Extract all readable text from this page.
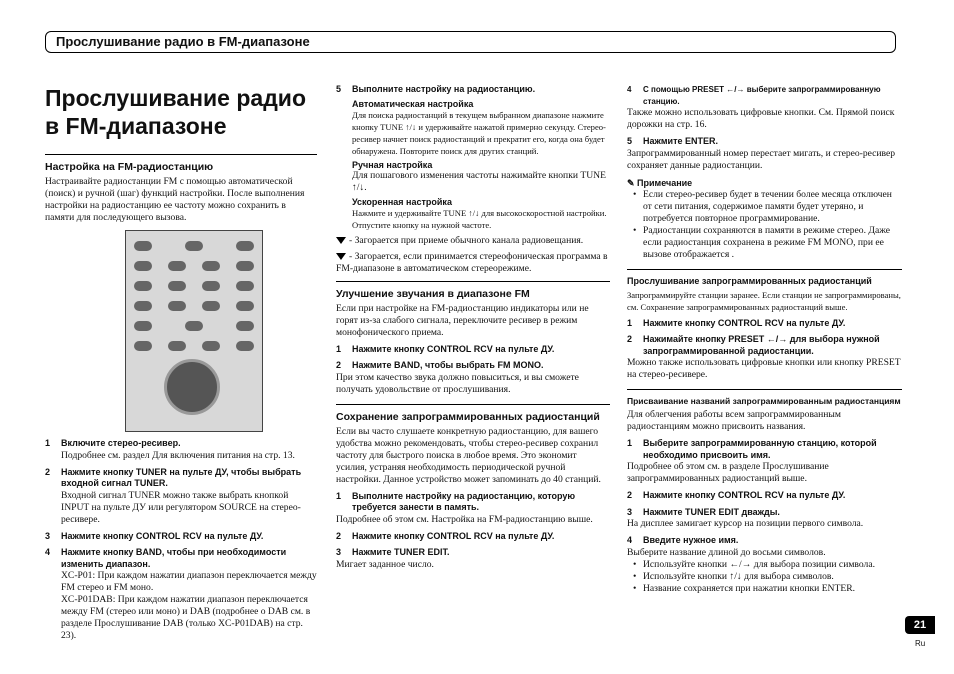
Прослушивание радио в FM-диапазоне
Прослушивание радио в FM-диапазоне
Настройка на FM-радиостанцию
Настраивайте радиостанции FM с помощью автоматической (поиск) и ручной (шаг) функций настройки. После выполнения настройки на радиостанцию ее частоту можно сохранить в памяти для последующего вызова.
1	Включите стерео-ресивер.
Подробнее см. раздел Для включения питания на стр. 13.
2	Нажмите кнопку TUNER на пульте ДУ, чтобы выбрать входной сигнал TUNER.
Входной сигнал TUNER можно также выбрать кнопкой INPUT на пульте ДУ или регулятором SOURCE на стерео-ресивере.
3	Нажмите кнопку CONTROL RCV на пульте ДУ.
4	Нажмите кнопку BAND, чтобы при необходимости изменить диапазон.
XC-P01: При каждом нажатии диапазон переключается между FM стерео и FM моно.
XC-P01DAB: При каждом нажатии диапазон переключается между FM (стерео или моно) и DAB (подробнее о DAB см. в разделе Прослушивание DAB (только XC-P01DAB) на стр. 23).
5	Выполните настройку на радиостанцию.
Автоматическая настройка
Для поиска радиостанций в текущем выбранном диапазоне нажмите кнопку TUNE ↑/↓ и удерживайте нажатой примерно секунду. Стерео-ресивер начнет поиск радиостанций и прекратит его, когда она будет обнаружена. Повторите поиск для других станций.
Ручная настройка
Для пошагового изменения частоты нажимайте кнопки TUNE ↑/↓.
Ускоренная настройка
Нажмите и удерживайте TUNE ↑/↓ для высокоскоростной настройки. Отпустите кнопку на нужной частоте.
- Загорается при приеме обычного канала радиовещания.
- Загорается, если принимается стереофоническая программа в FM-диапазоне в автоматическом стереорежиме.
Улучшение звучания в диапазоне FM
Если при настройке на FM-радиостанцию индикаторы или не горят из-за слабого сигнала, переключите ресивер в режим монофонического приема.
1	Нажмите кнопку CONTROL RCV на пульте ДУ.
2	Нажмите BAND, чтобы выбрать FM MONO.
При этом качество звука должно повыситься, и вы сможете получать удовольствие от прослушивания.
Сохранение запрограммированных радиостанций
Если вы часто слушаете конкретную радиостанцию, для вашего удобства можно рекомендовать, чтобы стерео-ресивер сохранил частоту для быстрого поиска в любое время. Это экономит усилия, устраняя необходимость периодической ручной настройки. Данное устройство может запоминать до 40 станций.
1	Выполните настройку на радиостанцию, которую требуется занести в память.
Подробнее об этом см. Настройка на FM-радиостанцию выше.
2	Нажмите кнопку CONTROL RCV на пульте ДУ.
3	Нажмите TUNER EDIT.
Мигает заданное число.
4	С помощью PRESET ←/→ выберите запрограммированную станцию.
Также можно использовать цифровые кнопки. См. Прямой поиск дорожки на стр. 16.
5	Нажмите ENTER.
Запрограммированный номер перестает мигать, и стерео-ресивер сохраняет данные радиостанции.
✎ Примечание
• Если стерео-ресивер будет в течении более месяца отключен от сети питания, содержимое памяти будет утеряно, и потребуется повторное программирование.
• Радиостанции сохраняются в памяти в режиме стерео. Даже если радиостанция сохранена в режиме FM MONO, при ее вызове отображается .
Прослушивание запрограммированных радиостанций
Запрограммируйте станции заранее. Если станции не запрограммированы, см. Сохранение запрограммированных радиостанций выше.
1	Нажмите кнопку CONTROL RCV на пульте ДУ.
2	Нажимайте кнопку PRESET ←/→ для выбора нужной запрограммированной радиостанции.
Можно также использовать цифровые кнопки или кнопку PRESET на стерео-ресивере.
Присваивание названий запрограммированным радиостанциям
Для облегчения работы всем запрограммированным радиостанциям можно присвоить названия.
1	Выберите запрограммированную станцию, которой необходимо присвоить имя.
Подробнее об этом см. в разделе Прослушивание запрограммированных радиостанций выше.
2	Нажмите кнопку CONTROL RCV на пульте ДУ.
3	Нажмите TUNER EDIT дважды.
На дисплее замигает курсор на позиции первого символа.
4	Введите нужное имя.
Выберите название длиной до восьми символов.
• Используйте кнопки ←/→ для выбора позиции символа.
• Используйте кнопки ↑/↓ для выбора символов.
• Название сохраняется при нажатии кнопки ENTER.
21
Ru
